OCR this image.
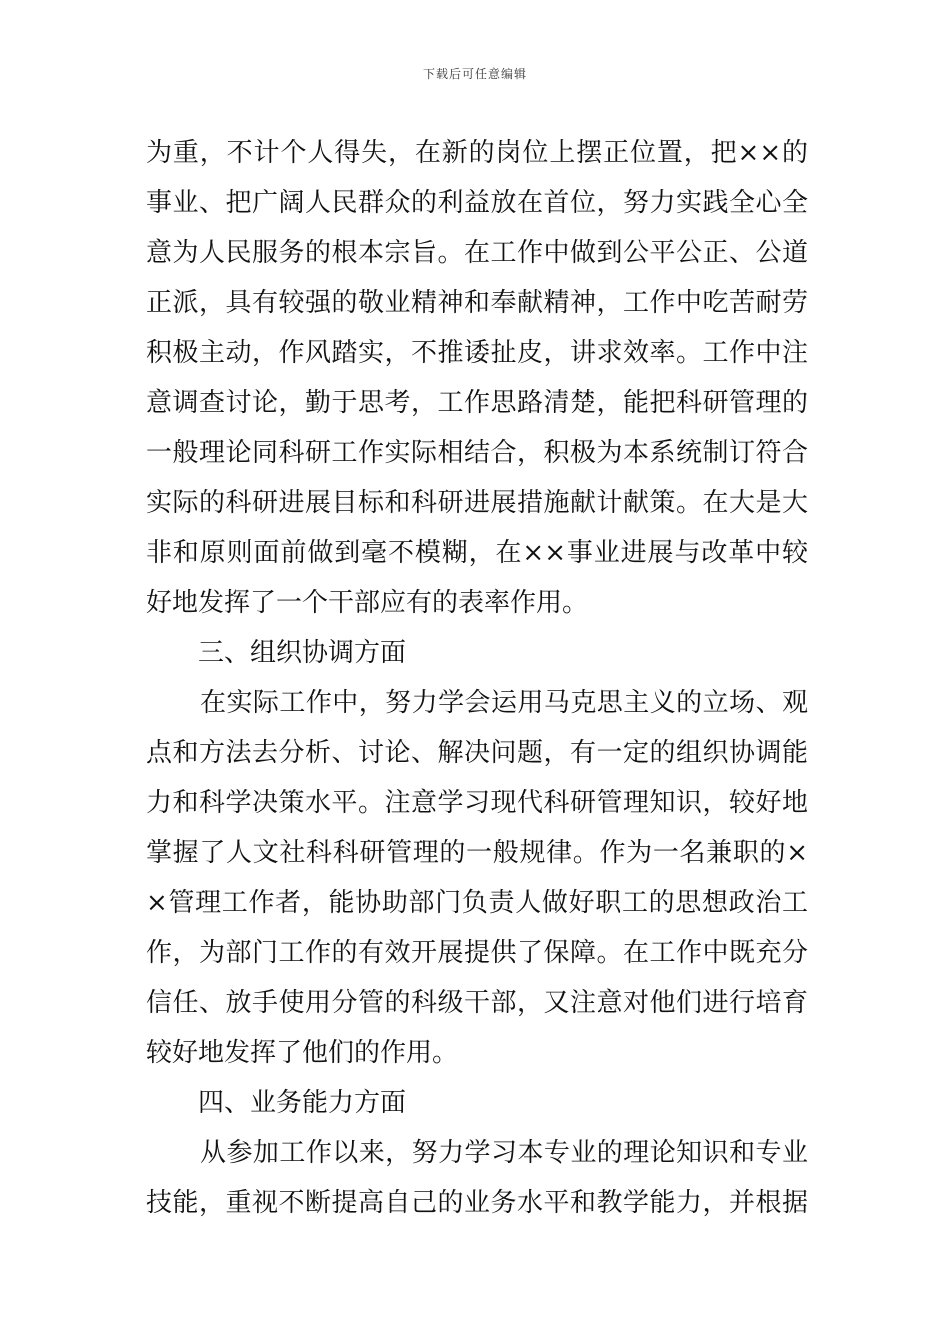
下载后可任意编辑
为重，不计个人得失，在新的岗位上摆正位置，把××的
事业、把广阔人民群众的利益放在首位，努力实践全心全
意为人民服务的根本宗旨。在工作中做到公平公正、公道
正派，具有较强的敬业精神和奉献精神，工作中吃苦耐劳
积极主动，作风踏实，不推诿扯皮，讲求效率。工作中注
意调查讨论，勤于思考，工作思路清楚，能把科研管理的
一般理论同科研工作实际相结合，积极为本系统制订符合
实际的科研进展目标和科研进展措施献计献策。在大是大
非和原则面前做到毫不模糊，在××事业进展与改革中较
好地发挥了一个干部应有的表率作用。
三、组织协调方面
在实际工作中，努力学会运用马克思主义的立场、观
点和方法去分析、讨论、解决问题，有一定的组织协调能
力和科学决策水平。注意学习现代科研管理知识，较好地
掌握了人文社科科研管理的一般规律。作为一名兼职的×
×管理工作者，能协助部门负责人做好职工的思想政治工
作，为部门工作的有效开展提供了保障。在工作中既充分
信任、放手使用分管的科级干部，又注意对他们进行培育
较好地发挥了他们的作用。
四、业务能力方面
从参加工作以来，努力学习本专业的理论知识和专业
技能，重视不断提高自己的业务水平和教学能力，并根据
